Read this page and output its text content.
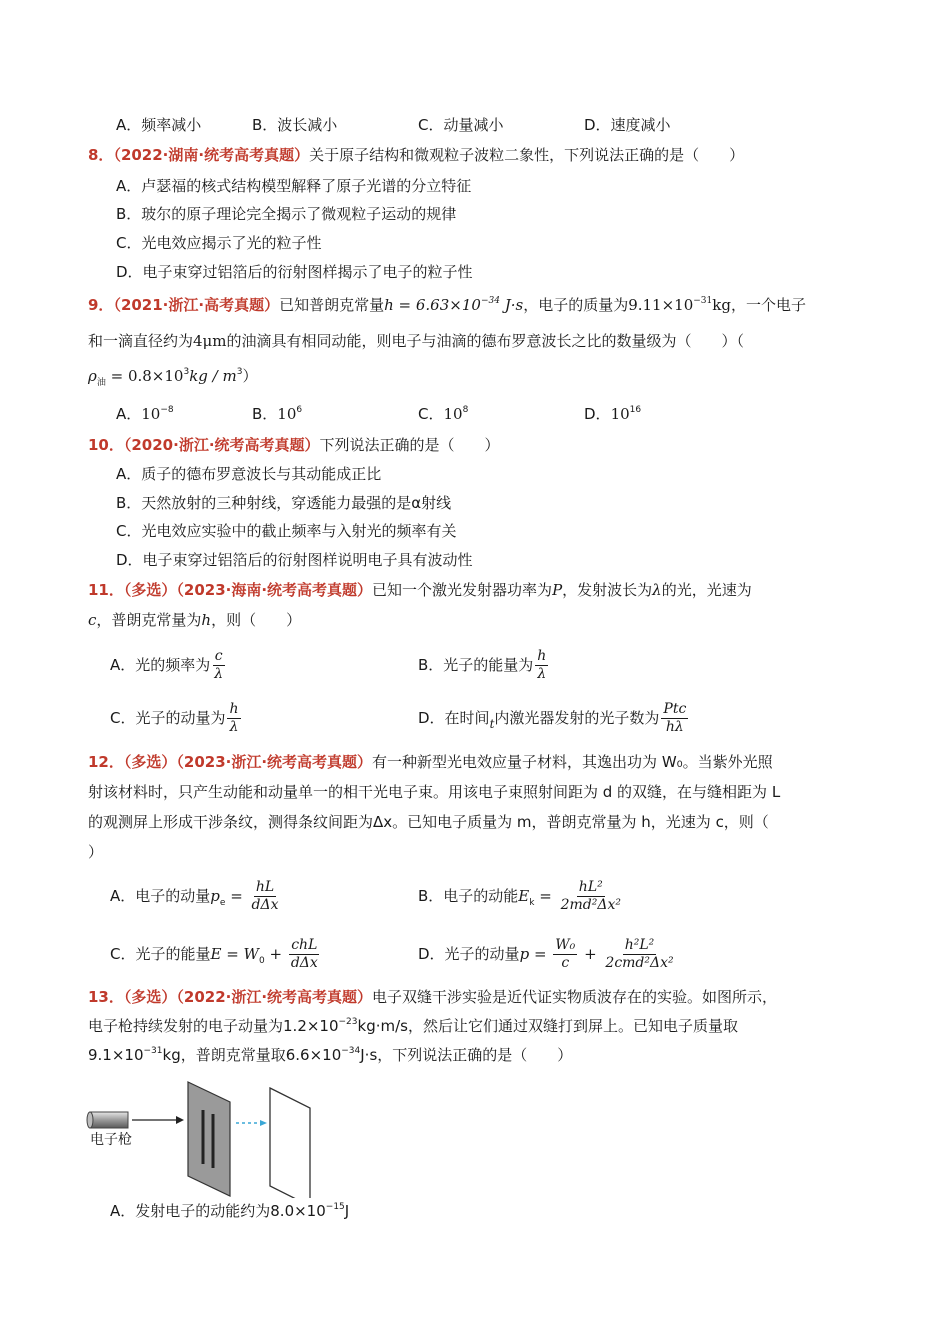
A．频率减小	B．波长减小	C．动量减小	D．速度减小
8．（2022·湖南·统考高考真题）关于原子结构和微观粒子波粒二象性，下列说法正确的是（　　）
A．卢瑟福的核式结构模型解释了原子光谱的分立特征
B．玻尔的原子理论完全揭示了微观粒子运动的规律
C．光电效应揭示了光的粒子性
D．电子束穿过铝箔后的衍射图样揭示了电子的粒子性
9．（2021·浙江·高考真题）已知普朗克常量$h = 6.63\times 10^{-34}$ J·s，电子的质量为$9.11\times 10^{-31}kg$，一个电子
和一滴直径约为4μm的油滴具有相同动能，则电子与油滴的德布罗意波长之比的数量级为（　　）（
$\rho_油 = 0.8\times 10^3kg / m^3$）
A．$10^{-8}$	B．$10^6$	C．$10^8$	D．$10^{16}$
10．（2020·浙江·统考高考真题）下列说法正确的是（　　）
A．质子的德布罗意波长与其动能成正比
B．天然放射的三种射线，穿透能力最强的是α射线
C．光电效应实验中的截止频率与入射光的频率有关
D．电子束穿过铝箔后的衍射图样说明电子具有波动性
11．（多选）（2023·海南·统考高考真题）已知一个激光发射器功率为P，发射波长为λ的光，光速为
c，普朗克常量为h，则（　　）
A．光的频率为 $\frac{c}{\lambda}$	B．光子的能量为 $\frac{h}{\lambda}$
C．光子的动量为 $\frac{h}{\lambda}$	D．在时间$_t$内激光器发射的光子数为 $\frac{\text{Ptc}}{h\lambda}$
12．（多选）（2023·浙江·统考高考真题）有一种新型光电效应量子材料，其逸出功为 W₀。当紫外光照
射该材料时，只产生动能和动量单一的相干光电子束。用该电子束照射间距为 d 的双缝，在与缝相距为 L
的观测屏上形成干涉条纹，测得条纹间距为Δx。已知电子质量为 m，普朗克常量为 h，光速为 c，则（
）
A．电子的动量$p_e = \frac{hL}{\text{dΔx}}$	B．电子的动能$E_k = \frac{\text{hL²}}{\text{2md²Δx²}}$
C．光子的能量$E = W_0 + \frac{\text{chL}}{\text{dΔx}}$	D．光子的动量$p = \frac{\text{W₀}}{c} + \frac{\text{h²L²}}{\text{2cmd²Δx²}}$
13．（多选）（2022·浙江·统考高考真题）电子双缝干涉实验是近代证实物质波存在的实验。如图所示，
电子枪持续发射的电子动量为$1.2\times 10^{-23}kg\cdot m/s$，然后让它们通过双缝打到屏上。已知电子质量取
$9.1\times 10^{-31}kg$，普朗克常量取$6.6\times 10^{-34}J\cdot s$，下列说法正确的是（　　）
电子枪
A．发射电子的动能约为$8.0\times 10^{-15}J$
